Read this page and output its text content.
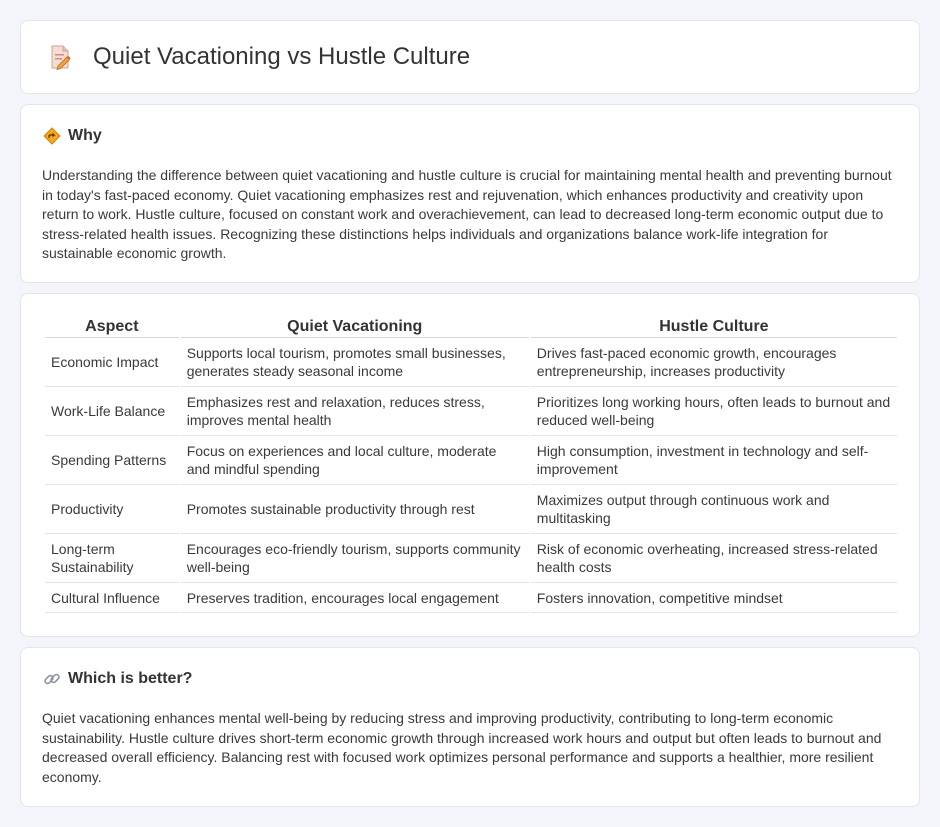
Quiet Vacationing vs Hustle Culture
Why

Understanding the difference between quiet vacationing and hustle culture is crucial for maintaining mental health and preventing burnout in today's fast-paced economy. Quiet vacationing emphasizes rest and rejuvenation, which enhances productivity and creativity upon return to work. Hustle culture, focused on constant work and overachievement, can lead to decreased long-term economic output due to stress-related health issues. Recognizing these distinctions helps individuals and organizations balance work-life integration for sustainable economic growth.

Aspect	Quiet Vacationing	Hustle Culture
Economic Impact	Supports local tourism, promotes small businesses, generates steady seasonal income	Drives fast-paced economic growth, encourages entrepreneurship, increases productivity
Work-Life Balance	Emphasizes rest and relaxation, reduces stress, improves mental health	Prioritizes long working hours, often leads to burnout and reduced well-being
Spending Patterns	Focus on experiences and local culture, moderate and mindful spending	High consumption, investment in technology and self-improvement
Productivity	Promotes sustainable productivity through rest	Maximizes output through continuous work and multitasking
Long-term Sustainability	Encourages eco-friendly tourism, supports community well-being	Risk of economic overheating, increased stress-related health costs
Cultural Influence	Preserves tradition, encourages local engagement	Fosters innovation, competitive mindset
Which is better?

Quiet vacationing enhances mental well-being by reducing stress and improving productivity, contributing to long-term economic sustainability. Hustle culture drives short-term economic growth through increased work hours and output but often leads to burnout and decreased overall efficiency. Balancing rest with focused work optimizes personal performance and supports a healthier, more resilient economy.
